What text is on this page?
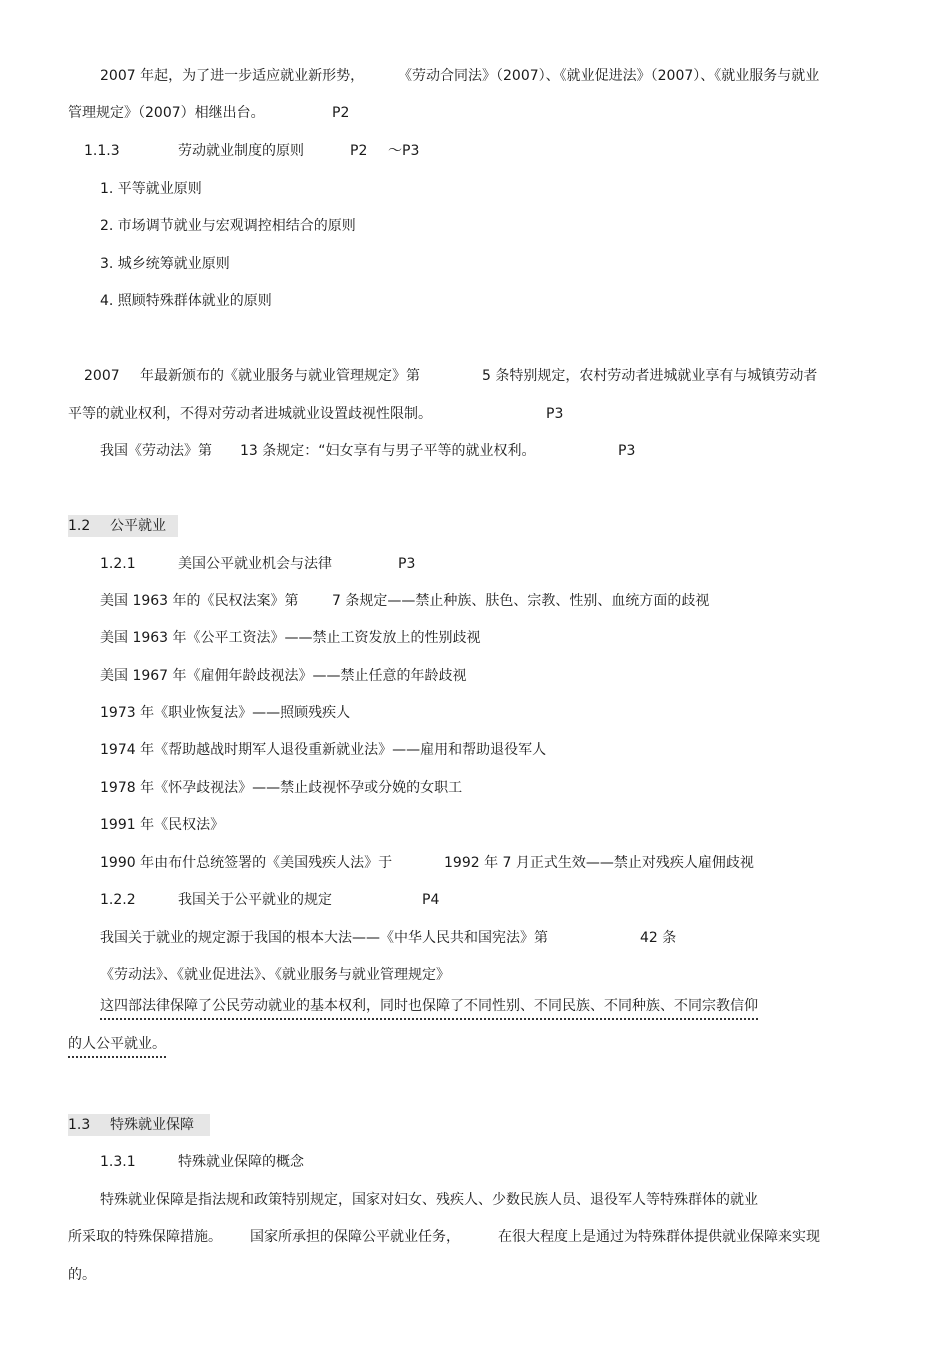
2007 年起，为了进一步适应就业新形势， 《劳动合同法》（2007）、《就业促进法》（2007）、《就业服务与就业
管理规定》（2007）相继出台。	P2
1.1.3	劳动就业制度的原则	P2 ～P3
1. 平等就业原则
2. 市场调节就业与宏观调控相结合的原则
3. 城乡统筹就业原则
4. 照顾特殊群体就业的原则
2007 年最新颁布的《就业服务与就业管理规定》第	5 条特别规定，农村劳动者进城就业享有与城镇劳动者
平等的就业权利，不得对劳动者进城就业设置歧视性限制。	P3
我国《劳动法》第 13 条规定：“妇女享有与男子平等的就业权利。	P3
1.2 公平就业
1.2.1	美国公平就业机会与法律	P3
美国 1963 年的《民权法案》第 7 条规定——禁止种族、肤色、宗教、性别、血统方面的歧视
美国 1963 年《公平工资法》——禁止工资发放上的性别歧视
美国 1967 年《雇佣年龄歧视法》——禁止任意的年龄歧视
1973 年《职业恢复法》——照顾残疾人
1974 年《帮助越战时期军人退役重新就业法》——雇用和帮助退役军人
1978 年《怀孕歧视法》——禁止歧视怀孕或分娩的女职工
1991 年《民权法》
1990 年由布什总统签署的《美国残疾人法》于	1992 年 7 月正式生效——禁止对残疾人雇佣歧视
1.2.2	我国关于公平就业的规定	P4
我国关于就业的规定源于我国的根本大法——《中华人民共和国宪法》第	42 条
《劳动法》、《就业促进法》、《就业服务与就业管理规定》
这四部法律保障了公民劳动就业的基本权利，同时也保障了不同性别、不同民族、不同种族、不同宗教信仰
的人公平就业。
1.3 特殊就业保障
1.3.1	特殊就业保障的概念
特殊就业保障是指法规和政策特别规定，国家对妇女、残疾人、少数民族人员、退役军人等特殊群体的就业
所采取的特殊保障措施。 国家所承担的保障公平就业任务，	在很大程度上是通过为特殊群体提供就业保障来实现
的。
